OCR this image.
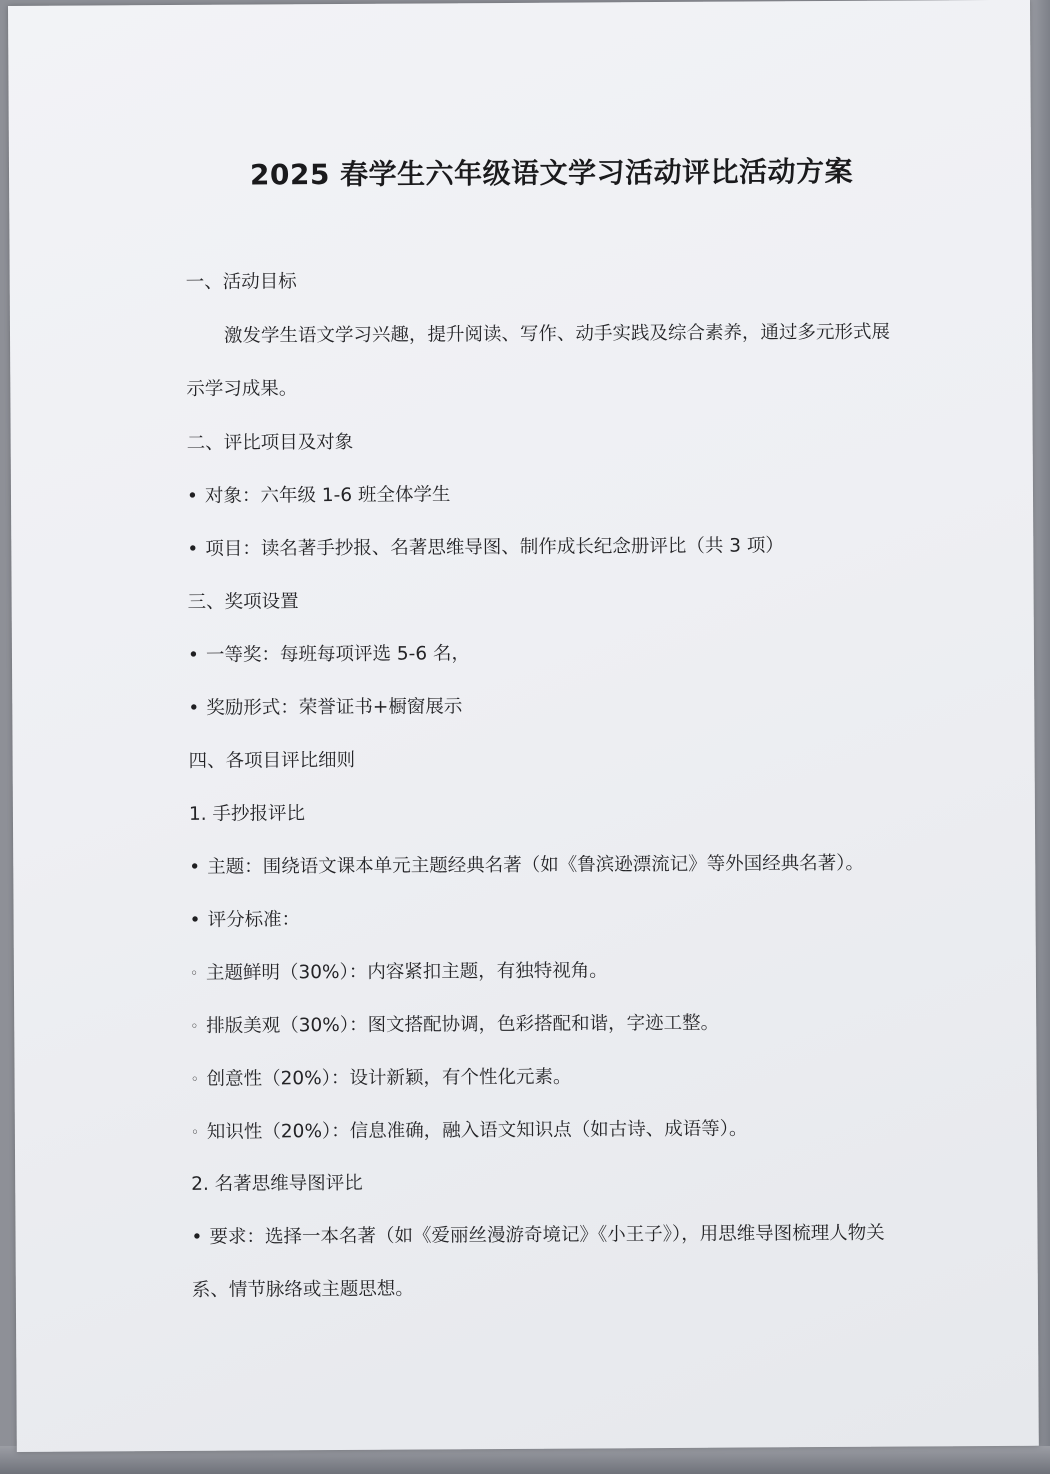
2025 春学生六年级语文学习活动评比活动方案
一、活动目标
激发学生语文学习兴趣，提升阅读、写作、动手实践及综合素养，通过多元形式展
示学习成果。
二、评比项目及对象
• 对象：六年级 1-6 班全体学生
• 项目：读名著手抄报、名著思维导图、制作成长纪念册评比（共 3 项）
三、奖项设置
• 一等奖：每班每项评选 5-6 名，
• 奖励形式：荣誉证书+橱窗展示
四、各项目评比细则
1. 手抄报评比
• 主题：围绕语文课本单元主题经典名著（如《鲁滨逊漂流记》等外国经典名著）。
• 评分标准：
◦ 主题鲜明（30%）：内容紧扣主题，有独特视角。
◦ 排版美观（30%）：图文搭配协调，色彩搭配和谐，字迹工整。
◦ 创意性（20%）：设计新颖，有个性化元素。
◦ 知识性（20%）：信息准确，融入语文知识点（如古诗、成语等）。
2. 名著思维导图评比
• 要求：选择一本名著（如《爱丽丝漫游奇境记》《小王子》），用思维导图梳理人物关
系、情节脉络或主题思想。
